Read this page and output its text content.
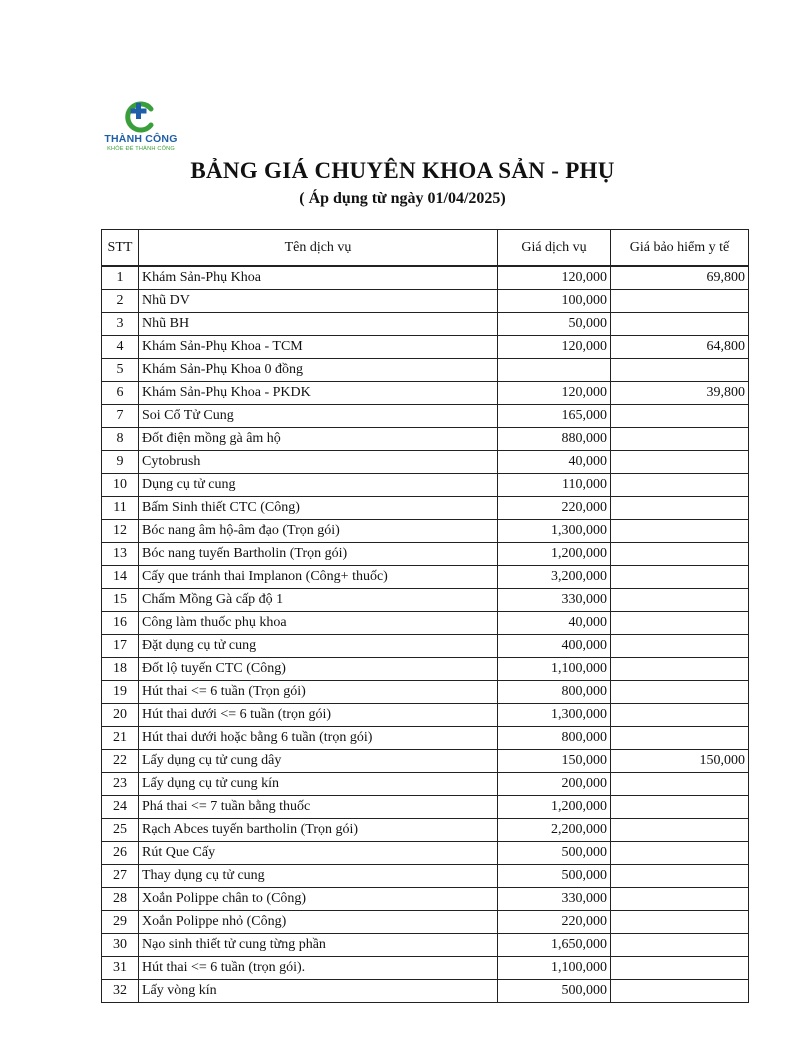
THÀNH CÔNG
KHỎE ĐỂ THÀNH CÔNG
BẢNG GIÁ CHUYÊN KHOA SẢN - PHỤ
( Áp dụng từ ngày 01/04/2025)
STT	Tên dịch vụ	Giá dịch vụ	Giá bảo hiểm y tế
1	Khám Sản-Phụ Khoa	120,000	69,800
2	Nhũ DV	100,000	
3	Nhũ BH	50,000	
4	Khám Sản-Phụ Khoa - TCM	120,000	64,800
5	Khám Sản-Phụ Khoa 0 đồng		
6	Khám Sản-Phụ Khoa - PKDK	120,000	39,800
7	Soi Cổ Tử Cung	165,000	
8	Đốt điện mồng gà âm hộ	880,000	
9	Cytobrush	40,000	
10	Dụng cụ tử cung	110,000	
11	Bấm Sinh thiết CTC (Công)	220,000	
12	Bóc nang âm hộ-âm đạo (Trọn gói)	1,300,000	
13	Bóc nang tuyến Bartholin (Trọn gói)	1,200,000	
14	Cấy que tránh thai Implanon (Công+ thuốc)	3,200,000	
15	Chấm Mồng Gà cấp độ 1	330,000	
16	Công làm thuốc phụ khoa	40,000	
17	Đặt dụng cụ tử cung	400,000	
18	Đốt lộ tuyến CTC (Công)	1,100,000	
19	Hút thai <= 6 tuần (Trọn gói)	800,000	
20	Hút thai dưới <= 6 tuần (trọn gói)	1,300,000	
21	Hút thai dưới hoặc bằng 6 tuần (trọn gói)	800,000	
22	Lấy dụng cụ tử cung dây	150,000	150,000
23	Lấy dụng cụ tử cung kín	200,000	
24	Phá thai <= 7 tuần bằng thuốc	1,200,000	
25	Rạch Abces tuyến bartholin (Trọn gói)	2,200,000	
26	Rút Que Cấy	500,000	
27	Thay dụng cụ tử cung	500,000	
28	Xoắn Polippe chân to (Công)	330,000	
29	Xoắn Polippe nhỏ (Công)	220,000	
30	Nạo sinh thiết tử cung từng phần	1,650,000	
31	Hút thai <= 6 tuần (trọn gói).	1,100,000	
32	Lấy vòng kín	500,000	
